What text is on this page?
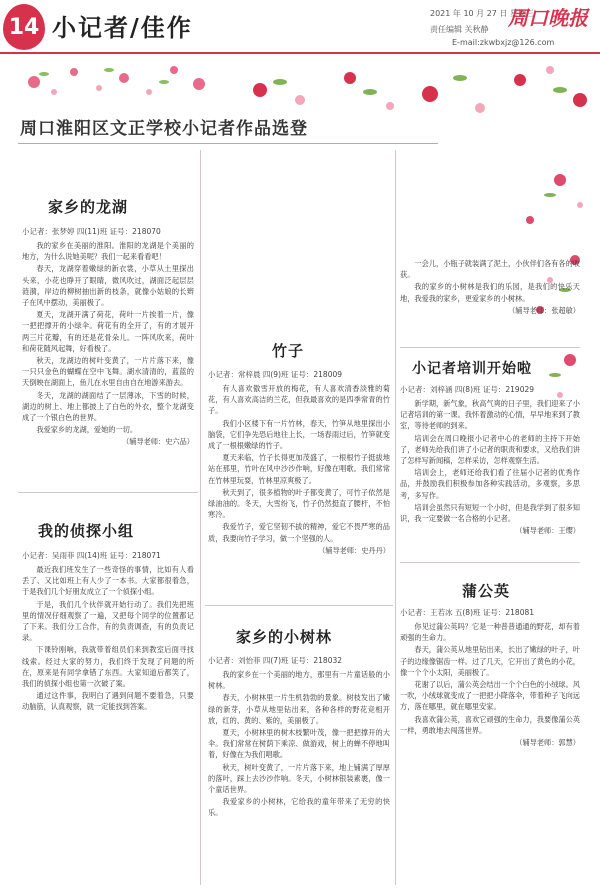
14 小记者/佳作	2021 年 10 月 27 日 星期三
责任编辑 关秋静 周口晚报
E-mail:zkwbxjz@126.com
周口淮阳区文正学校小记者作品选登
家乡的龙湖
小记者：张梦婷 四(11)班 证号：218070

我的家乡在美丽的淮阳。淮阳的龙湖是个美丽的地方，为什么说她美呢？我们一起来看看吧！

春天，龙湖穿着嫩绿的新衣裳，小草从土里探出头来，小花也睁开了眼睛，微风吹过，湖面泛起层层涟漪，岸边的柳树抽出新的枝条，就像小姑娘的长辫子在风中摆动，美丽极了。

夏天，龙湖开满了荷花，荷叶一片挨着一片，像一把把撑开的小绿伞。荷花有的全开了，有的才展开两三片花瓣，有的还是花骨朵儿。一阵风吹来，荷叶和荷花随风起舞，好看极了。

秋天，龙湖边的树叶变黄了，一片片落下来，像一只只金色的蝴蝶在空中飞舞。湖水清清的，蓝蓝的天倒映在湖面上，鱼儿在水里自由自在地游来游去。

冬天，龙湖的湖面结了一层薄冰，下雪的时候，湖边的树上、地上都披上了白色的外衣，整个龙湖变成了一个银白色的世界。

我爱家乡的龙湖，爱她的一切。

（辅导老师：史六品）

我的侦探小组
小记者：吴雨菲 四(14)班 证号：218071

最近我们班发生了一些奇怪的事情，比如有人看丢了、又比如班上有人少了一本书。大家都很着急，于是我们几个好朋友成立了一个侦探小组。

于是，我们几个伙伴就开始行动了。我们先把班里的情况仔细观察了一遍，又把每个同学的位置都记了下来。我们分工合作，有的负责调查，有的负责记录。

下课铃刚响，我就带着组员们来到教室后面寻找线索。经过大家的努力，我们终于发现了问题的所在，原来是有同学拿错了东西。大家知道后都笑了，我们的侦探小组也第一次破了案。

通过这件事，我明白了遇到问题不要着急，只要动脑筋，认真观察，就一定能找到答案。

竹子
小记者：常梓晨 四(9)班 证号：218009

有人喜欢傲雪开放的梅花，有人喜欢清香淡雅的菊花，有人喜欢高洁的兰花，但我最喜欢的是四季常青的竹子。

我们小区楼下有一片竹林，春天，竹笋从地里探出小脑袋，它们争先恐后地往上长，一场春雨过后，竹笋就变成了一根根嫩绿的竹子。

夏天来临，竹子长得更加茂盛了，一根根竹子挺拔地站在那里，竹叶在风中沙沙作响，好像在唱歌。我们常常在竹林里玩耍，竹林里凉爽极了。

秋天到了，很多植物的叶子都变黄了，可竹子依然是绿油油的。冬天，大雪纷飞，竹子仍然挺直了腰杆，不怕寒冷。

我爱竹子，爱它坚韧不拔的精神，爱它不畏严寒的品质，我要向竹子学习，做一个坚强的人。

（辅导老师：史丹丹）

家乡的小树林
小记者：刘怡菲 四(7)班 证号：218032

我的家乡在一个美丽的地方，那里有一片童话般的小树林。

春天，小树林里一片生机勃勃的景象。树枝发出了嫩绿的新芽，小草从地里钻出来，各种各样的野花竞相开放，红的、黄的、紫的，美丽极了。

夏天，小树林里的树木枝繁叶茂，像一把把撑开的大伞。我们常常在树荫下乘凉、做游戏，树上的蝉不停地叫着，好像在为我们唱歌。

秋天，树叶变黄了，一片片落下来，地上铺满了厚厚的落叶，踩上去沙沙作响。冬天，小树林银装素裹，像一个童话世界。

我爱家乡的小树林，它给我的童年带来了无穷的快乐。

一会儿，小瓶子就装满了泥土，小伙伴们各有各的收获。

我的家乡的小树林是我们的乐园，是我们的快乐天地，我爱我的家乡，更爱家乡的小树林。

（辅导老师：张超敏）

小记者培训开始啦
小记者：刘梓涵 四(8)班 证号：219029

新学期，新气象，秋高气爽的日子里，我们迎来了小记者培训的第一课。我怀着激动的心情，早早地来到了教室，等待老师的到来。

培训会在周口晚报小记者中心的老师的主持下开始了，老师先给我们讲了小记者的职责和要求，又给我们讲了怎样写新闻稿，怎样采访，怎样观察生活。

培训会上，老师还给我们看了往届小记者的优秀作品，并鼓励我们积极参加各种实践活动，多观察，多思考，多写作。

培训会虽然只有短短一个小时，但是我学到了很多知识，我一定要做一名合格的小记者。

（辅导老师：王缨）

蒲公英
小记者：王若冰 五(8)班 证号：218081

你见过蒲公英吗？它是一种普普通通的野花，却有着顽强的生命力。

春天，蒲公英从地里钻出来，长出了嫩绿的叶子，叶子的边缘像锯齿一样。过了几天，它开出了黄色的小花，像一个个小太阳，美丽极了。

花谢了以后，蒲公英会结出一个个白色的小绒球。风一吹，小绒球就变成了一把把小降落伞，带着种子飞向远方，落在哪里，就在哪里安家。

我喜欢蒲公英，喜欢它顽强的生命力，我要像蒲公英一样，勇敢地去闯荡世界。

（辅导老师：郭慧）
